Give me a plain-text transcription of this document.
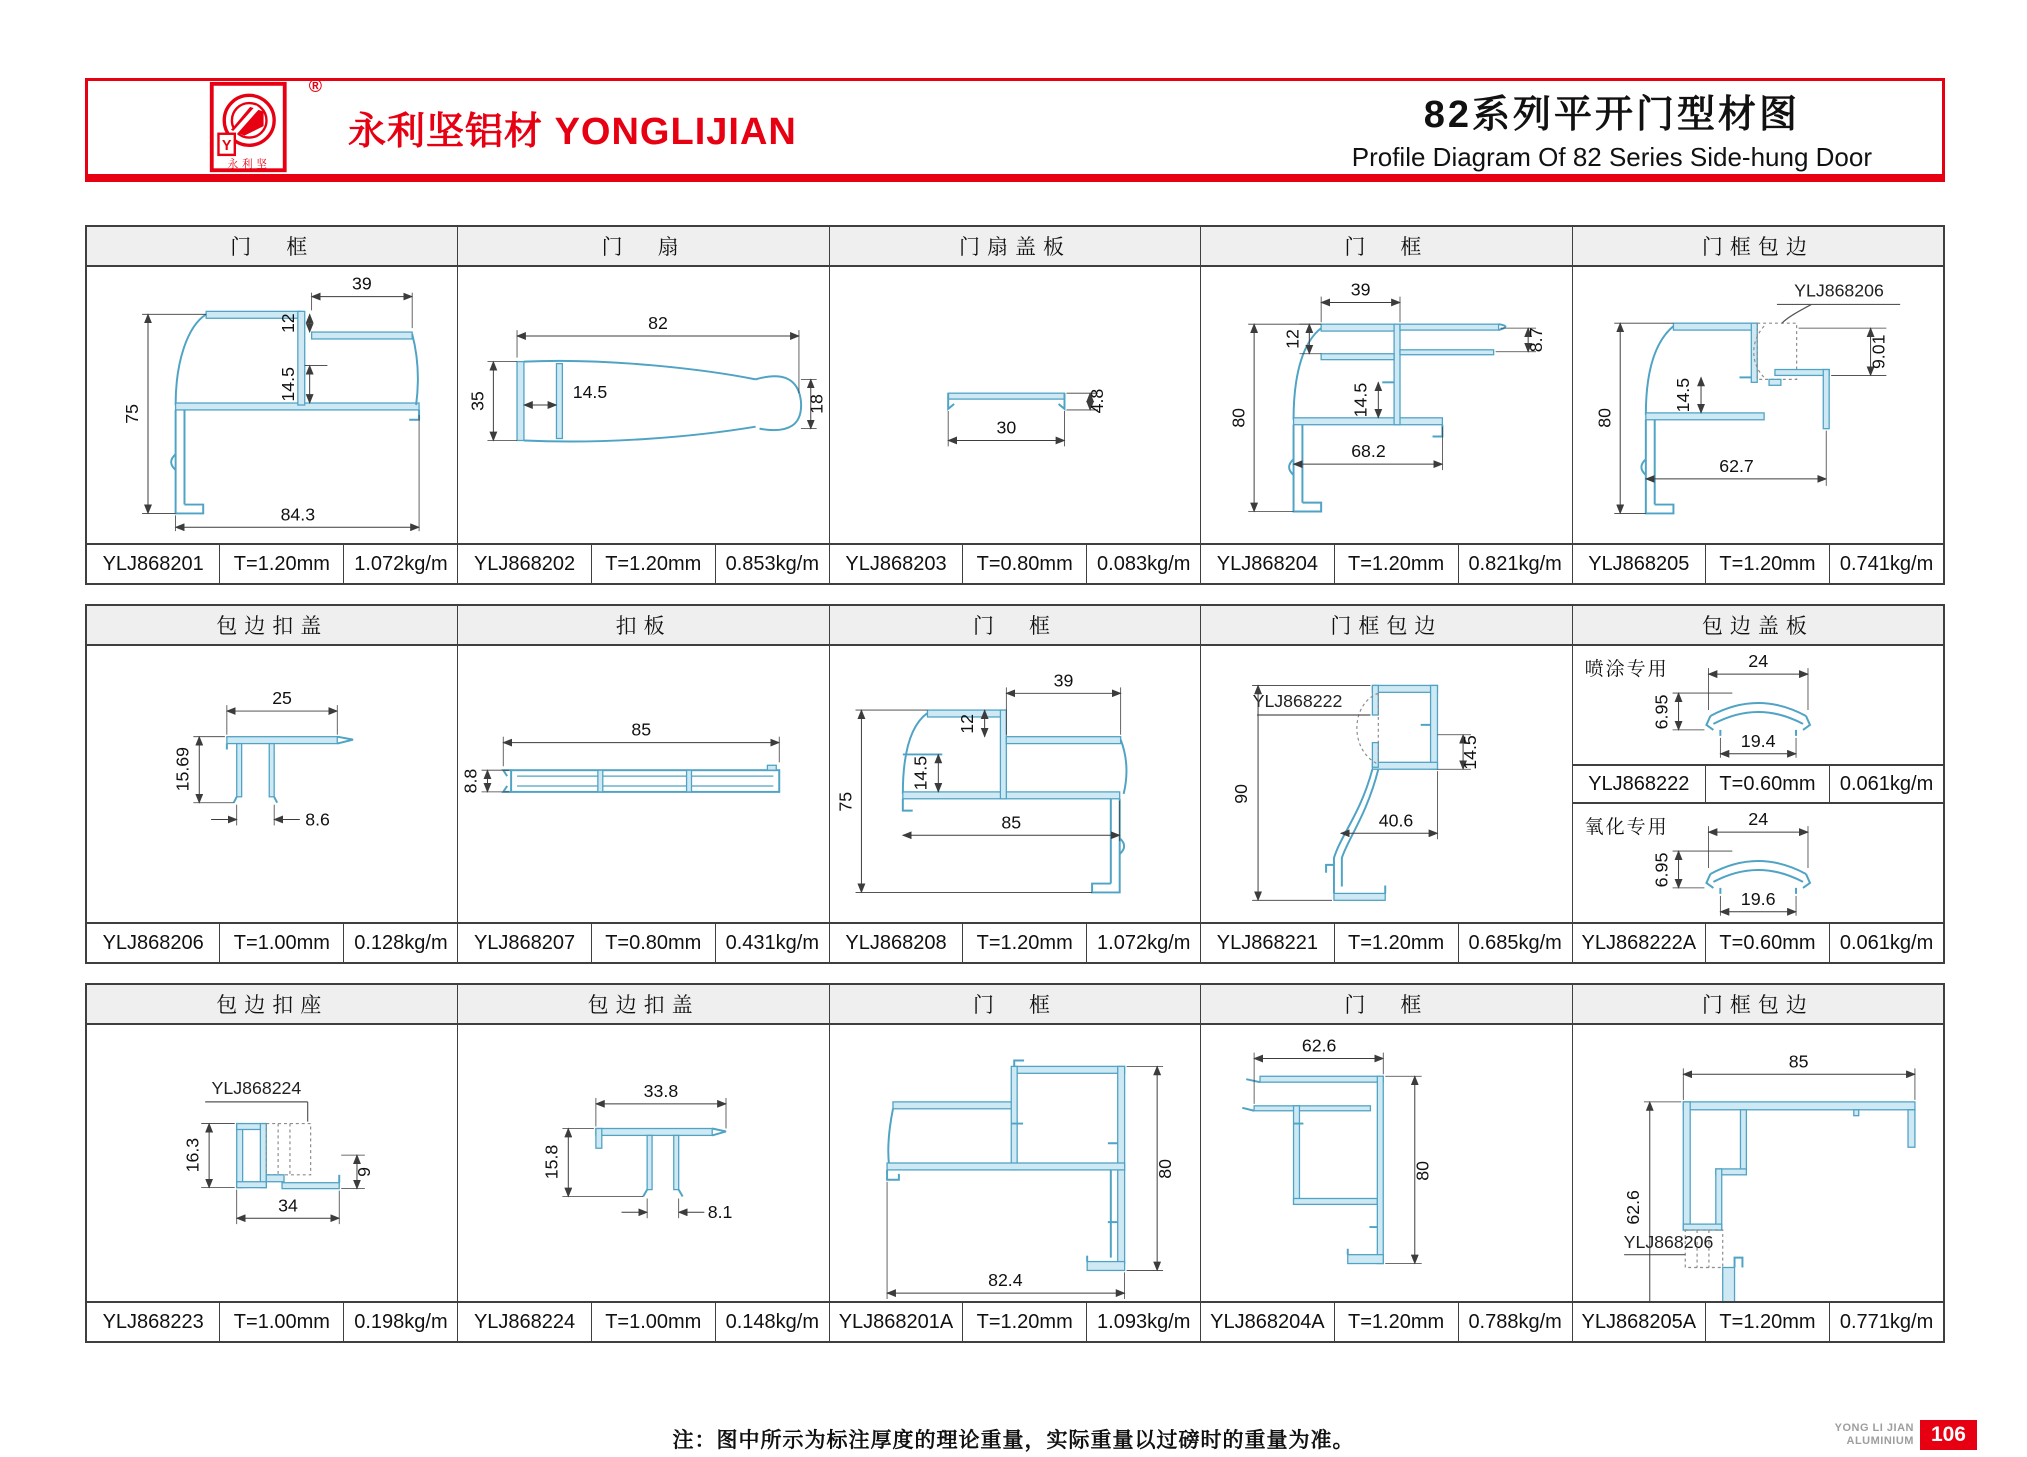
Y
永利坚
®
永利坚铝材 YONGLIJIAN	82系列平开门型材图
Profile Diagram Of 82 Series Side-hung Door
门　框
39
12
14.5
75
84.3
YLJ868201	T=1.20mm	1.072kg/m
门　扇
82
14.5
35	18
YLJ868202	T=1.20mm	0.853kg/m
门扇盖板
4.8
30
YLJ868203	T=0.80mm	0.083kg/m
门　框
12
39
14.5
80
8.7
68.2
YLJ868204	T=1.20mm	0.821kg/m
门框包边
YLJ868206
14.5
80
9.01
62.7
YLJ868205	T=1.20mm	0.741kg/m
包边扣盖
25
15.69
8.6
YLJ868206	T=1.00mm	0.128kg/m
扣板
85
8.8
YLJ868207	T=0.80mm	0.431kg/m
门　框
39
12
14.5
75
85
YLJ868208	T=1.20mm	1.072kg/m
门框包边
YLJ868222
90
14.5
40.6
YLJ868221	T=1.20mm	0.685kg/m
包边盖板
喷涂专用	24
6.95
19.4
YLJ868222	T=0.60mm	0.061kg/m
氧化专用	24
6.95
19.6
YLJ868222A	T=0.60mm	0.061kg/m
包边扣座
YLJ868224
16.3	9
34
YLJ868223	T=1.00mm	0.198kg/m
包边扣盖
33.8
15.8
8.1
YLJ868224	T=1.00mm	0.148kg/m
门　框
80
82.4
YLJ868201A	T=1.20mm	1.093kg/m
门　框
62.6
80
YLJ868204A	T=1.20mm	0.788kg/m
门框包边
YLJ868206
85
62.6
YLJ868205A	T=1.20mm	0.771kg/m
注：图中所示为标注厚度的理论重量，实际重量以过磅时的重量为准。
YONG LI JIAN
ALUMINIUM 106
